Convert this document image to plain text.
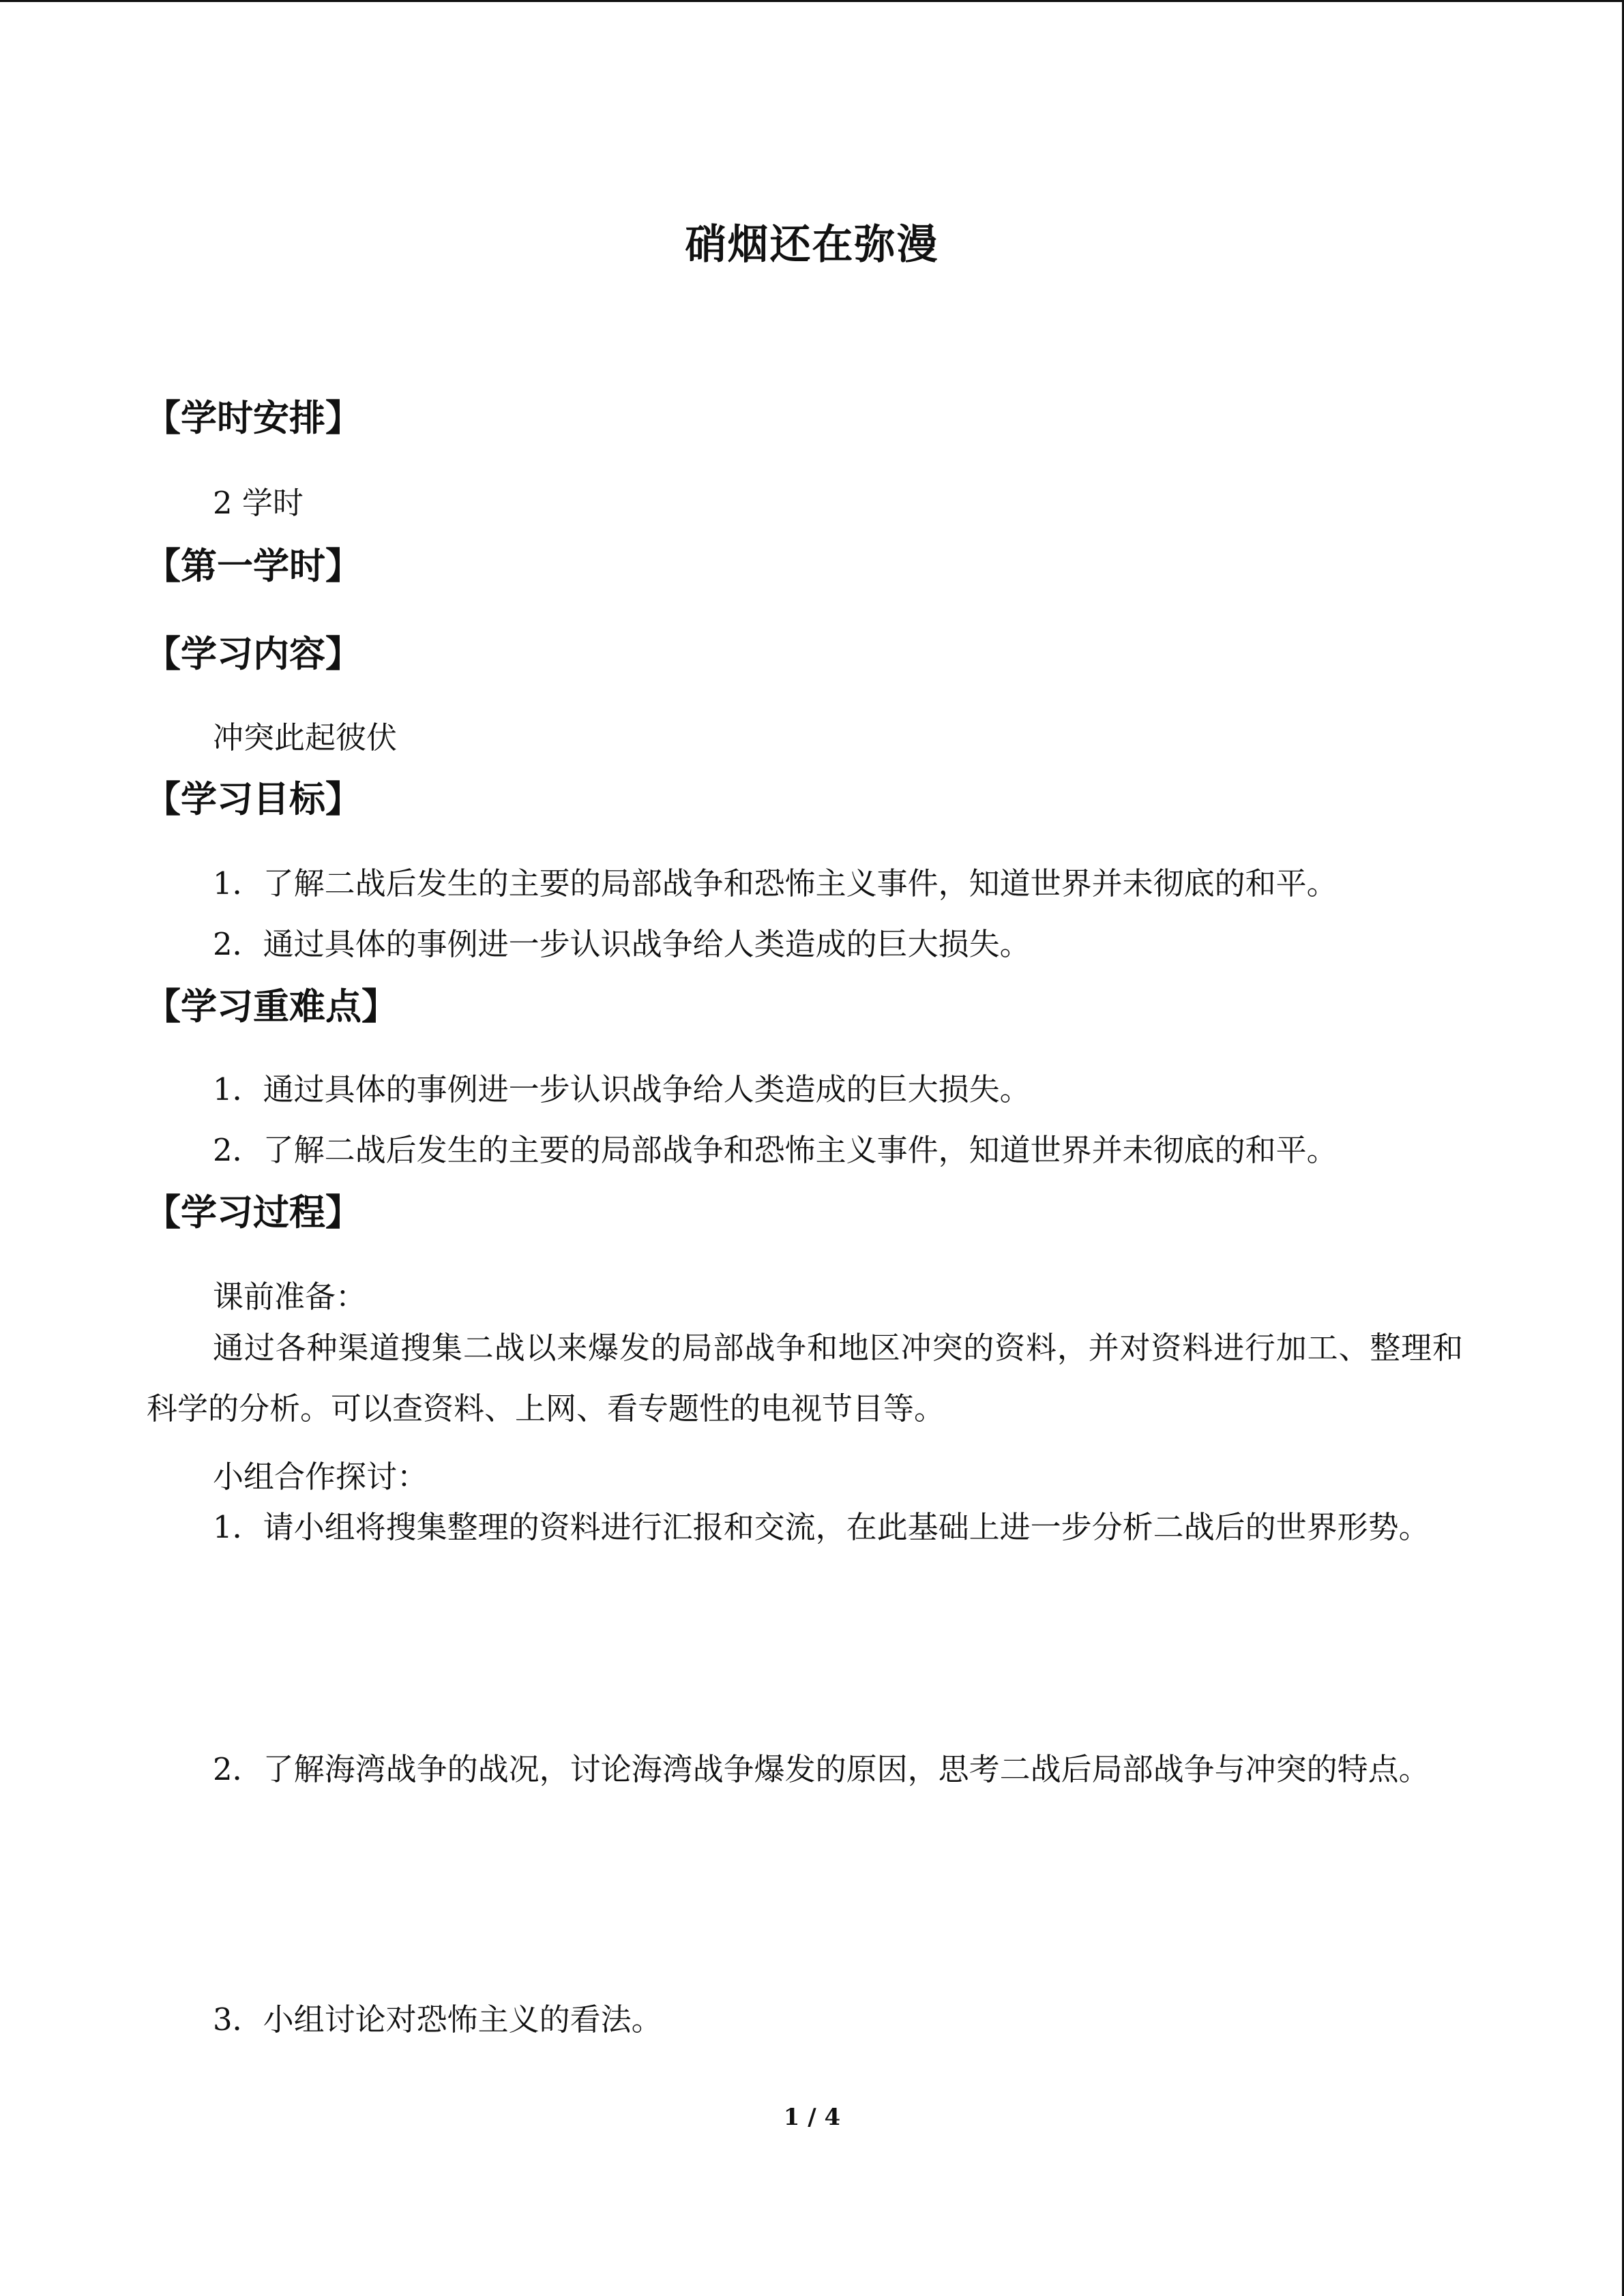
硝烟还在弥漫
【学时安排】
2 学时
【第一学时】
【学习内容】
冲突此起彼伏
【学习目标】
1．了解二战后发生的主要的局部战争和恐怖主义事件，知道世界并未彻底的和平。
2．通过具体的事例进一步认识战争给人类造成的巨大损失。
【学习重难点】
1．通过具体的事例进一步认识战争给人类造成的巨大损失。
2．了解二战后发生的主要的局部战争和恐怖主义事件，知道世界并未彻底的和平。
【学习过程】
课前准备：
通过各种渠道搜集二战以来爆发的局部战争和地区冲突的资料，并对资料进行加工、整理和科学的分析。可以查资料、上网、看专题性的电视节目等。
小组合作探讨：
1．请小组将搜集整理的资料进行汇报和交流，在此基础上进一步分析二战后的世界形势。
2．了解海湾战争的战况，讨论海湾战争爆发的原因，思考二战后局部战争与冲突的特点。
3．小组讨论对恐怖主义的看法。
1 / 4
